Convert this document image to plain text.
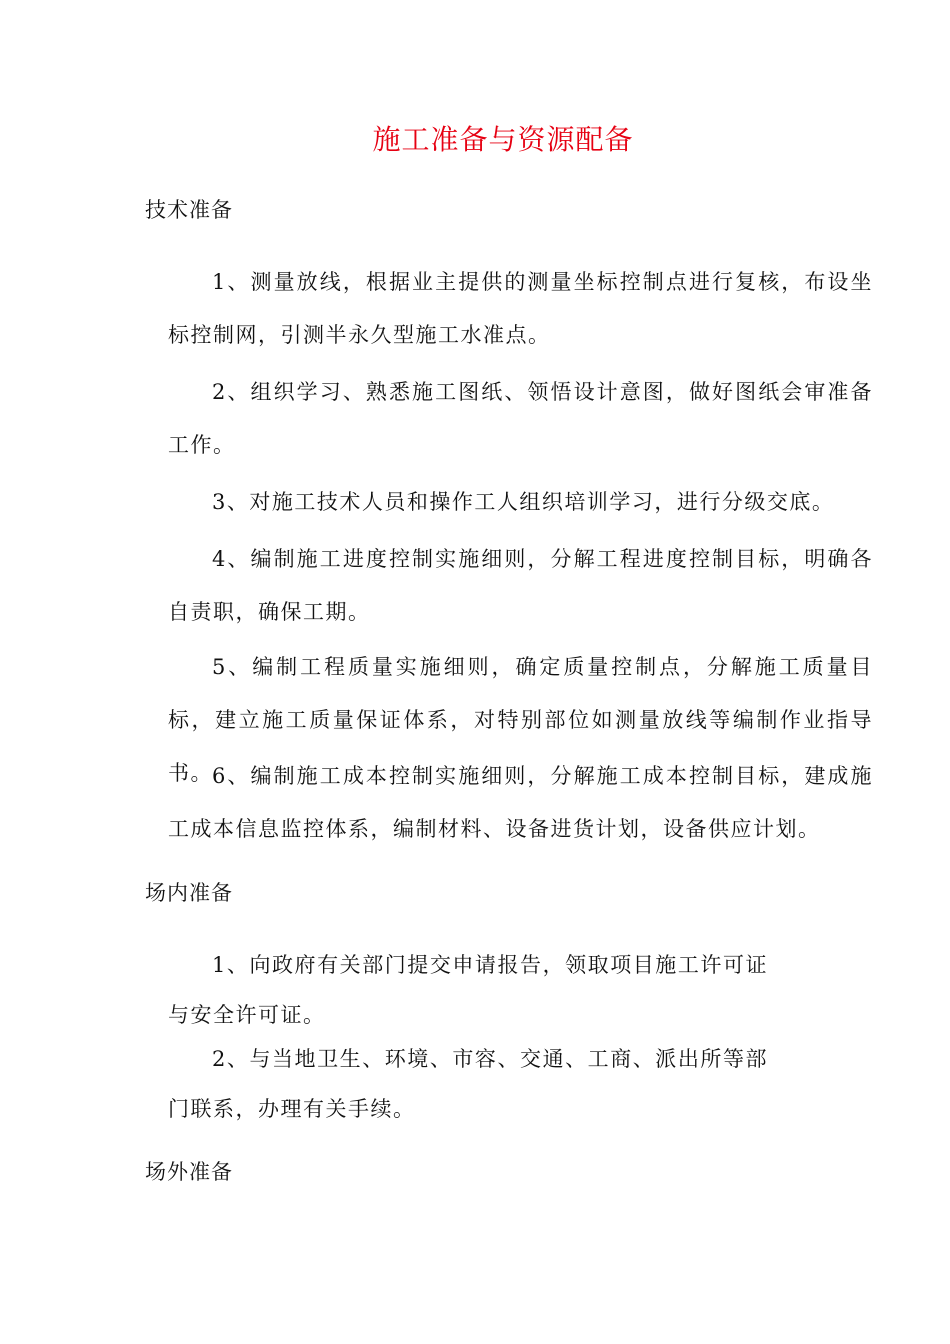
施工准备与资源配备
技术准备

1、测量放线，根据业主提供的测量坐标控制点进行复核，布设坐标控制网，引测半永久型施工水准点。

2、组织学习、熟悉施工图纸、领悟设计意图，做好图纸会审准备工作。

3、对施工技术人员和操作工人组织培训学习，进行分级交底。

4、编制施工进度控制实施细则，分解工程进度控制目标，明确各自责职，确保工期。

5、编制工程质量实施细则，确定质量控制点，分解施工质量目标，建立施工质量保证体系，对特别部位如测量放线等编制作业指导书。 6、编制施工成本控制实施细则，分解施工成本控制目标，建成施工成本信息监控体系，编制材料、设备进货计划，设备供应计划。

场内准备

1、向政府有关部门提交申请报告，领取项目施工许可证与安全许可证。

2、与当地卫生、环境、市容、交通、工商、派出所等部门联系，办理有关手续。

场外准备
